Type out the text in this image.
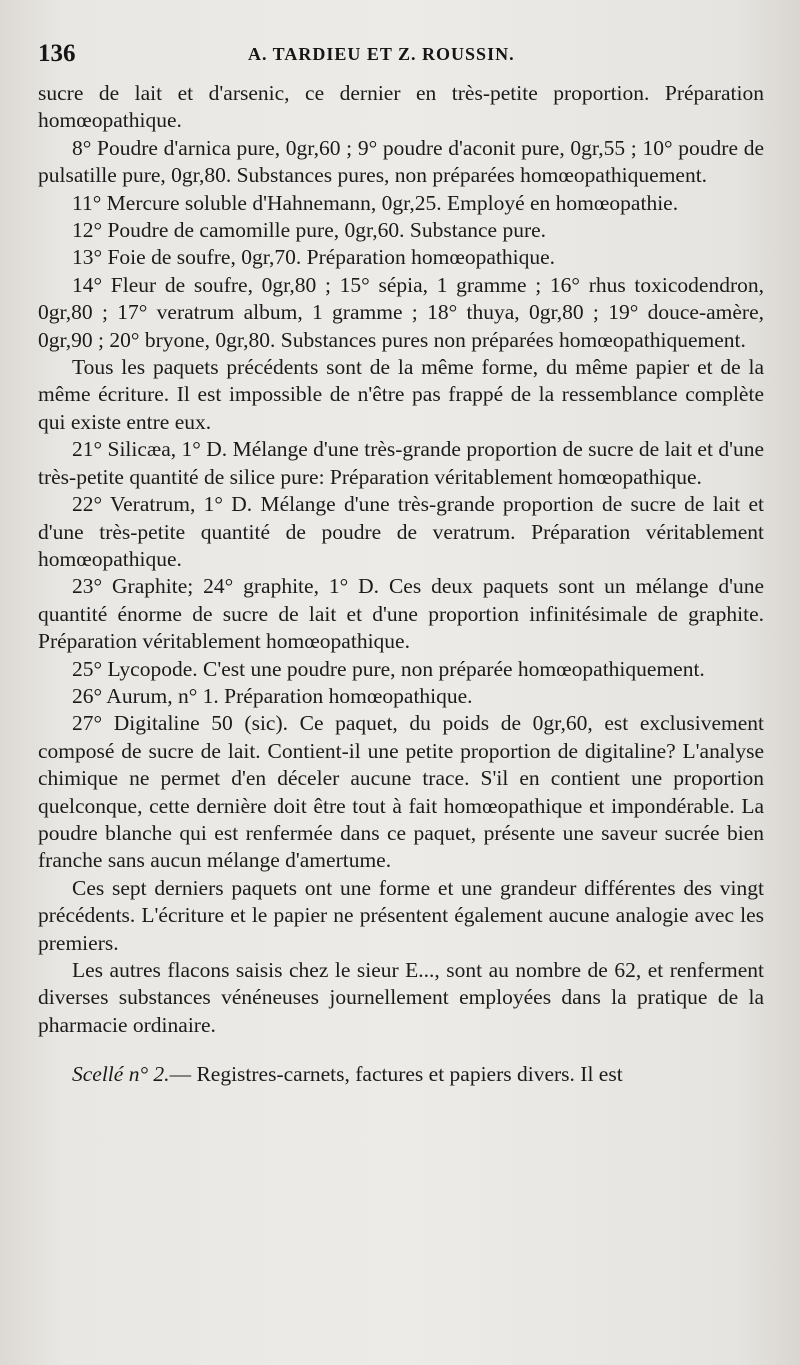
136	A. TARDIEU ET Z. ROUSSIN.

sucre de lait et d'arsenic, ce dernier en très-petite proportion. Préparation homœopathique.

8° Poudre d'arnica pure, 0gr,60 ; 9° poudre d'aconit pure, 0gr,55 ; 10° poudre de pulsatille pure, 0gr,80. Substances pures, non préparées homœopathiquement.

11° Mercure soluble d'Hahnemann, 0gr,25. Employé en homœopathie.

12° Poudre de camomille pure, 0gr,60. Substance pure.

13° Foie de soufre, 0gr,70. Préparation homœopathique.

14° Fleur de soufre, 0gr,80 ; 15° sépia, 1 gramme ; 16° rhus toxicodendron, 0gr,80 ; 17° veratrum album, 1 gramme ; 18° thuya, 0gr,80 ; 19° douce-amère, 0gr,90 ; 20° bryone, 0gr,80. Substances pures non préparées homœopathiquement.

Tous les paquets précédents sont de la même forme, du même papier et de la même écriture. Il est impossible de n'être pas frappé de la ressemblance complète qui existe entre eux.

21° Silicæa, 1° D. Mélange d'une très-grande proportion de sucre de lait et d'une très-petite quantité de silice pure: Préparation véritablement homœopathique.

22° Veratrum, 1° D. Mélange d'une très-grande proportion de sucre de lait et d'une très-petite quantité de poudre de veratrum. Préparation véritablement homœopathique.

23° Graphite; 24° graphite, 1° D. Ces deux paquets sont un mélange d'une quantité énorme de sucre de lait et d'une proportion infinitésimale de graphite. Préparation véritablement homœopathique.

25° Lycopode. C'est une poudre pure, non préparée homœopathiquement.

26° Aurum, n° 1. Préparation homœopathique.

27° Digitaline 50 (sic). Ce paquet, du poids de 0gr,60, est exclusivement composé de sucre de lait. Contient-il une petite proportion de digitaline? L'analyse chimique ne permet d'en déceler aucune trace. S'il en contient une proportion quelconque, cette dernière doit être tout à fait homœopathique et impondérable. La poudre blanche qui est renfermée dans ce paquet, présente une saveur sucrée bien franche sans aucun mélange d'amertume.

Ces sept derniers paquets ont une forme et une grandeur différentes des vingt précédents. L'écriture et le papier ne présentent également aucune analogie avec les premiers.

Les autres flacons saisis chez le sieur E..., sont au nombre de 62, et renferment diverses substances vénéneuses journellement employées dans la pratique de la pharmacie ordinaire.

Scellé n° 2.— Registres-carnets, factures et papiers divers. Il est
